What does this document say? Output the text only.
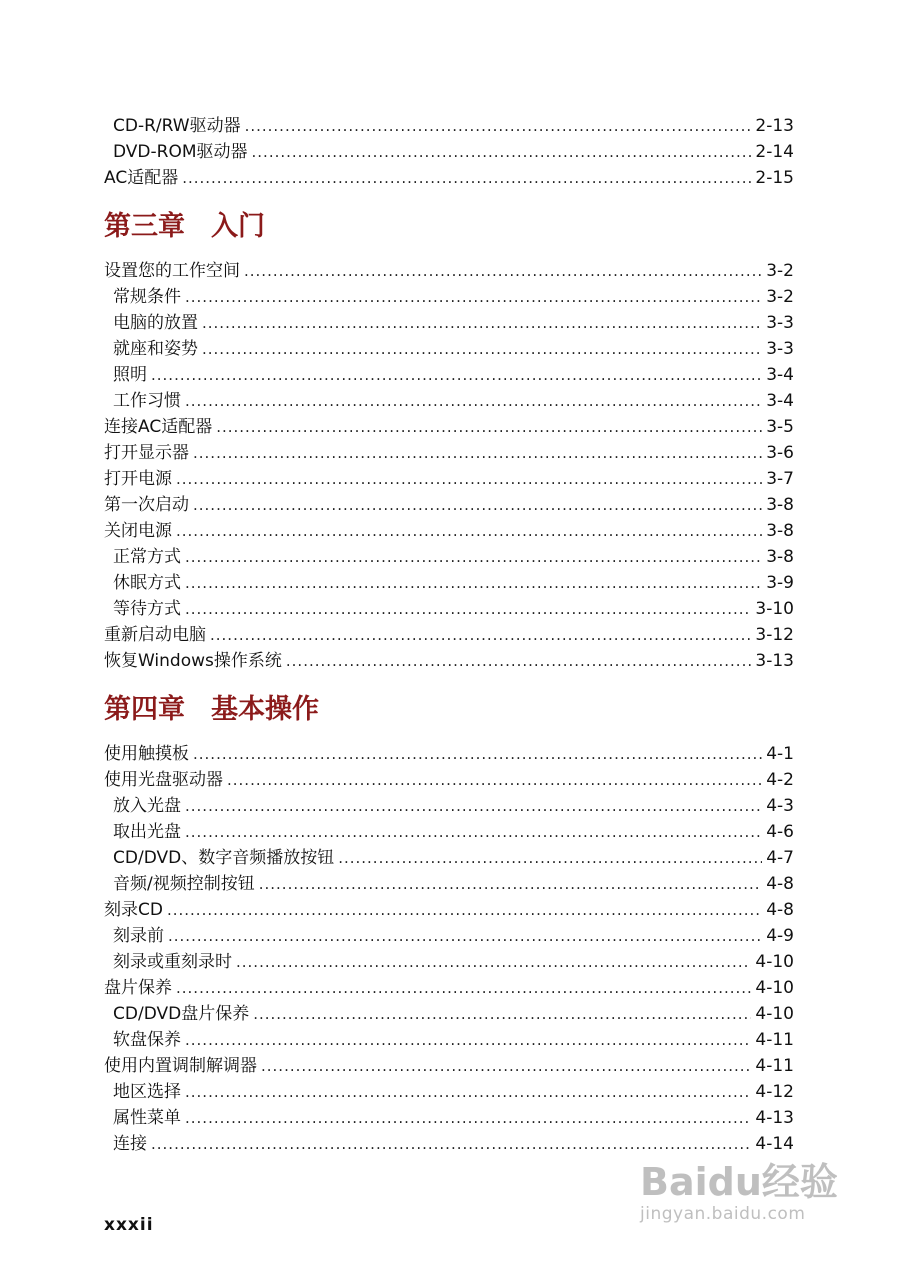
CD-R/RW驱动器 .....	2-13
DVD-ROM驱动器 .....	2-14
AC适配器 .....	2-15
第三章 入门
设置您的工作空间 .....	3-2
常规条件 .....	3-2
电脑的放置 .....	3-3
就座和姿势 .....	3-3
照明 .....	3-4
工作习惯 .....	3-4
连接AC适配器 .....	3-5
打开显示器 .....	3-6
打开电源 .....	3-7
第一次启动 .....	3-8
关闭电源 .....	3-8
正常方式 .....	3-8
休眠方式 .....	3-9
等待方式 .....	3-10
重新启动电脑 .....	3-12
恢复Windows操作系统 .....	3-13
第四章 基本操作
使用触摸板 .....	4-1
使用光盘驱动器 .....	4-2
放入光盘 .....	4-3
取出光盘 .....	4-6
CD/DVD、数字音频播放按钮 .....	4-7
音频/视频控制按钮 .....	4-8
刻录CD .....	4-8
刻录前 .....	4-9
刻录或重刻录时 .....	4-10
盘片保养 .....	4-10
CD/DVD盘片保养 .....	4-10
软盘保养 .....	4-11
使用内置调制解调器 .....	4-11
地区选择 .....	4-12
属性菜单 .....	4-13
连接 .....	4-14
xxxii
Baidu经验
jingyan.baidu.com
